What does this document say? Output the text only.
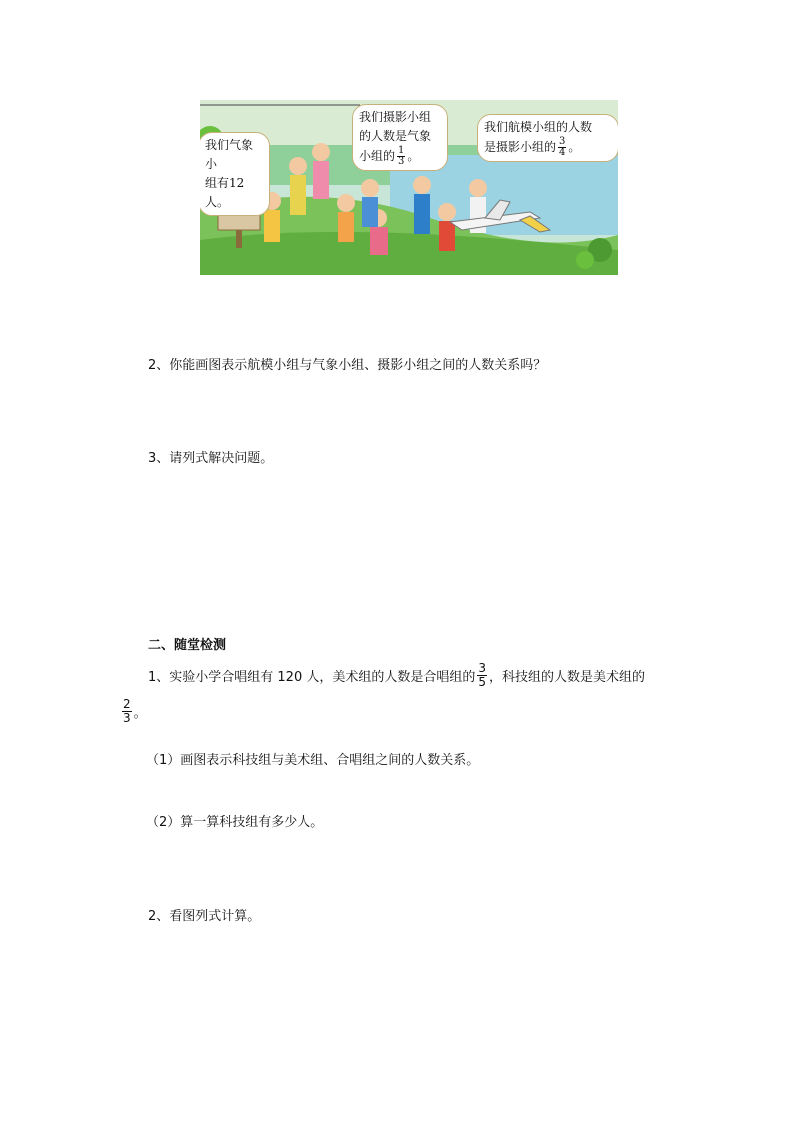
我们气象小
组有12人。
我们摄影小组
的人数是气象
小组的 $\frac{1}{3}$ 。
我们航模小组的人数
是摄影小组的 $\frac{3}{4}$ 。
2、你能画图表示航模小组与气象小组、摄影小组之间的人数关系吗？
3、请列式解决问题。
二、随堂检测
1、实验小学合唱组有 120 人，美术组的人数是合唱组的 $\frac{3}{5}$ ，科技组的人数是美术组的
$\frac{2}{3}$ 。
（1）画图表示科技组与美术组、合唱组之间的人数关系。
（2）算一算科技组有多少人。
2、看图列式计算。
